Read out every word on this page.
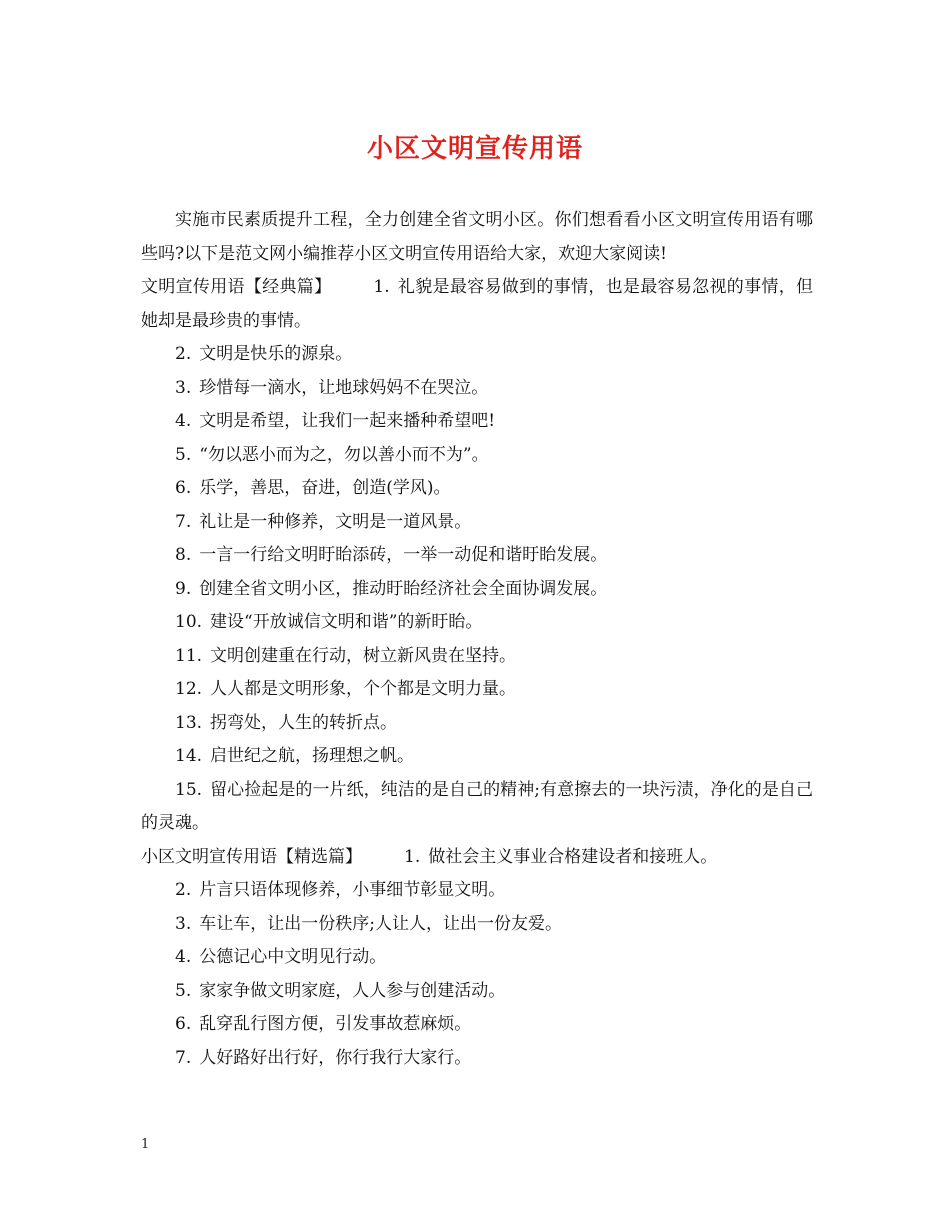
小区文明宣传用语

实施市民素质提升工程，全力创建全省文明小区。你们想看看小区文明宣传用语有哪些吗?以下是范文网小编推荐小区文明宣传用语给大家，欢迎大家阅读!

文明宣传用语【经典篇】 1. 礼貌是最容易做到的事情，也是最容易忽视的事情，但她却是最珍贵的事情。

2. 文明是快乐的源泉。

3. 珍惜每一滴水，让地球妈妈不在哭泣。

4. 文明是希望，让我们一起来播种希望吧!

5. “勿以恶小而为之，勿以善小而不为”。

6. 乐学，善思，奋进，创造(学风)。

7. 礼让是一种修养，文明是一道风景。

8. 一言一行给文明盱眙添砖，一举一动促和谐盱眙发展。

9. 创建全省文明小区，推动盱眙经济社会全面协调发展。

10. 建设“开放诚信文明和谐”的新盱眙。

11. 文明创建重在行动，树立新风贵在坚持。

12. 人人都是文明形象，个个都是文明力量。

13. 拐弯处，人生的转折点。

14. 启世纪之航，扬理想之帆。

15. 留心捡起是的一片纸，纯洁的是自己的精神;有意擦去的一块污渍，净化的是自己的灵魂。

小区文明宣传用语【精选篇】 1. 做社会主义事业合格建设者和接班人。

2. 片言只语体现修养，小事细节彰显文明。

3. 车让车，让出一份秩序;人让人，让出一份友爱。

4. 公德记心中文明见行动。

5. 家家争做文明家庭，人人参与创建活动。

6. 乱穿乱行图方便，引发事故惹麻烦。

7. 人好路好出行好，你行我行大家行。

1
